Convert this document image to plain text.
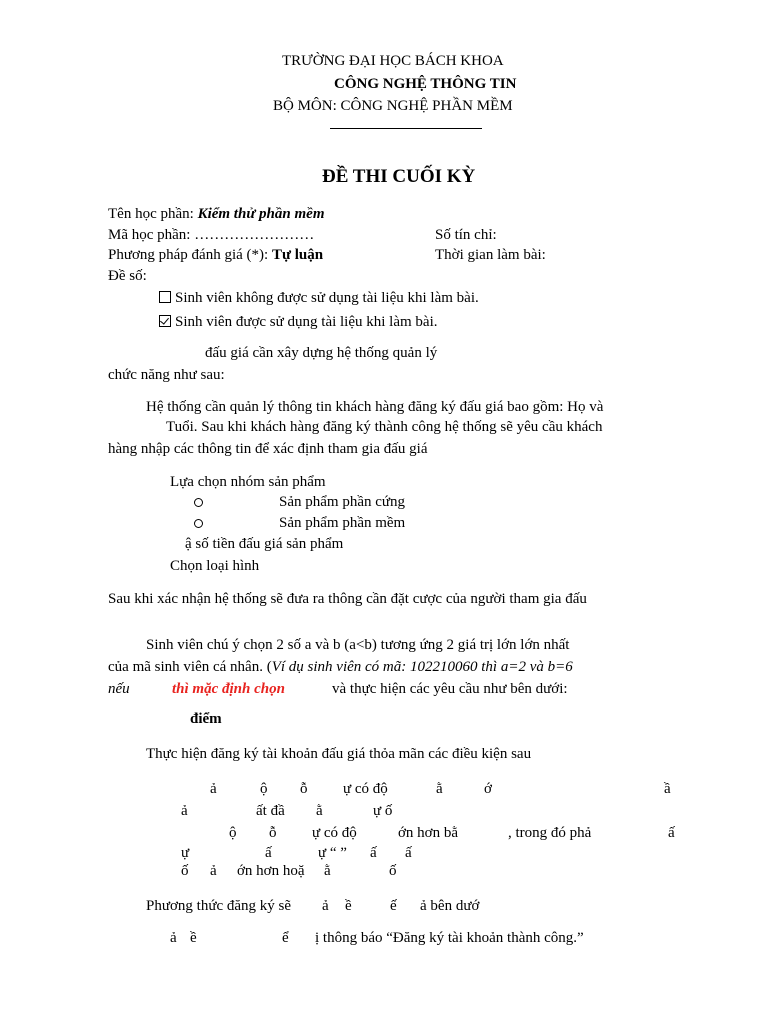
TRƯỜNG ĐẠI HỌC BÁCH KHOA
CÔNG NGHỆ THÔNG TIN
BỘ MÔN: CÔNG NGHỆ PHẦN MỀM
ĐỀ THI CUỐI KỲ
Tên học phần: Kiểm thử phần mềm
Mã học phần: ……………………	Số tín chỉ:
Phương pháp đánh giá (*): Tự luận	Thời gian làm bài:
Đề số:
Sinh viên không được sử dụng tài liệu khi làm bài.
Sinh viên được sử dụng tài liệu khi làm bài.
đấu giá cần xây dựng hệ thống quản lý
chức năng như sau:
Hệ thống cần quản lý thông tin khách hàng đăng ký đấu giá bao gồm: Họ và
Tuổi. Sau khi khách hàng đăng ký thành công hệ thống sẽ yêu cầu khách
hàng nhập các thông tin để xác định tham gia đấu giá
Lựa chọn nhóm sản phẩm
Sản phẩm phần cứng
Sản phẩm phần mềm
ậ số tiền đấu giá sản phẩm
Chọn loại hình
Sau khi xác nhận hệ thống sẽ đưa ra thông cần đặt cược của người tham gia đấu
Sinh viên chú ý chọn 2 số a và b (a<b) tương ứng 2 giá trị lớn lớn nhất
của mã sinh viên cá nhân. (Ví dụ sinh viên có mã: 102210060 thì a=2 và b=6
nếu	thì mặc định chọn	và thực hiện các yêu cầu như bên dưới:
điểm
Thực hiện đăng ký tài khoản đấu giá thỏa mãn các điều kiện sau
ả	ộ ỗ ự có độ	ằ	ớ	ầ
ả	ất đầ ằ	ự ố
ộ ỗ ự có độ	ớn hơn bằ	, trong đó phả	ấ
ự	ấ	ự “ ” ấ ấ
ố ả ớn hơn hoặ ằ	ố
Phương thức đăng ký sẽ ả ề	ế ả bên dướ
ả ề	ể ị thông báo “Đăng ký tài khoản thành công.”
